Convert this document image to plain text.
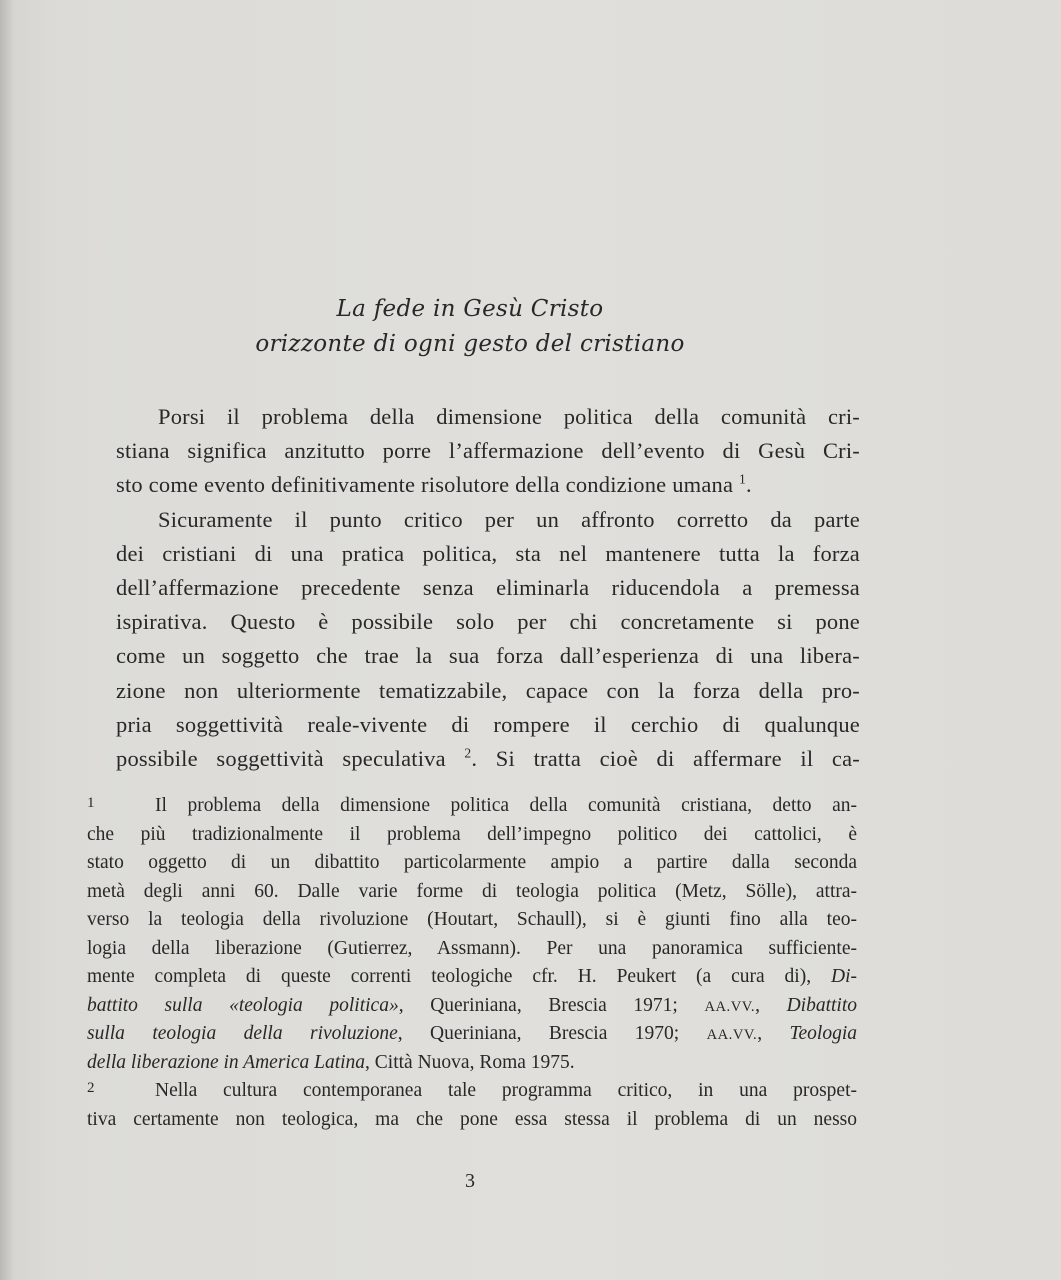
La fede in Gesù Cristo
orizzonte di ogni gesto del cristiano
Porsi il problema della dimensione politica della comunità cri-
stiana significa anzitutto porre l’affermazione dell’evento di Gesù Cri-
sto come evento definitivamente risolutore della condizione umana $^1$.
Sicuramente il punto critico per un affronto corretto da parte
dei cristiani di una pratica politica, sta nel mantenere tutta la forza
dell’affermazione precedente senza eliminarla riducendola a premessa
ispirativa. Questo è possibile solo per chi concretamente si pone
come un soggetto che trae la sua forza dall’esperienza di una libera-
zione non ulteriormente tematizzabile, capace con la forza della pro-
pria soggettività reale-vivente di rompere il cerchio di qualunque
possibile soggettività speculativa $^2$. Si tratta cioè di affermare il ca-
1	Il problema della dimensione politica della comunità cristiana, detto an-
che più tradizionalmente il problema dell’impegno politico dei cattolici, è
stato oggetto di un dibattito particolarmente ampio a partire dalla seconda
metà degli anni 60. Dalle varie forme di teologia politica (Metz, Sölle), attra-
verso la teologia della rivoluzione (Houtart, Schaull), si è giunti fino alla teo-
logia della liberazione (Gutierrez, Assmann). Per una panoramica sufficiente-
mente completa di queste correnti teologiche cfr. H. Peukert (a cura di), Di-
battito sulla «teologia politica», Queriniana, Brescia 1971; AA.VV., Dibattito
sulla teologia della rivoluzione, Queriniana, Brescia 1970; AA.VV., Teologia
della liberazione in America Latina, Città Nuova, Roma 1975.
2	Nella cultura contemporanea tale programma critico, in una prospet-
tiva certamente non teologica, ma che pone essa stessa il problema di un nesso
3
